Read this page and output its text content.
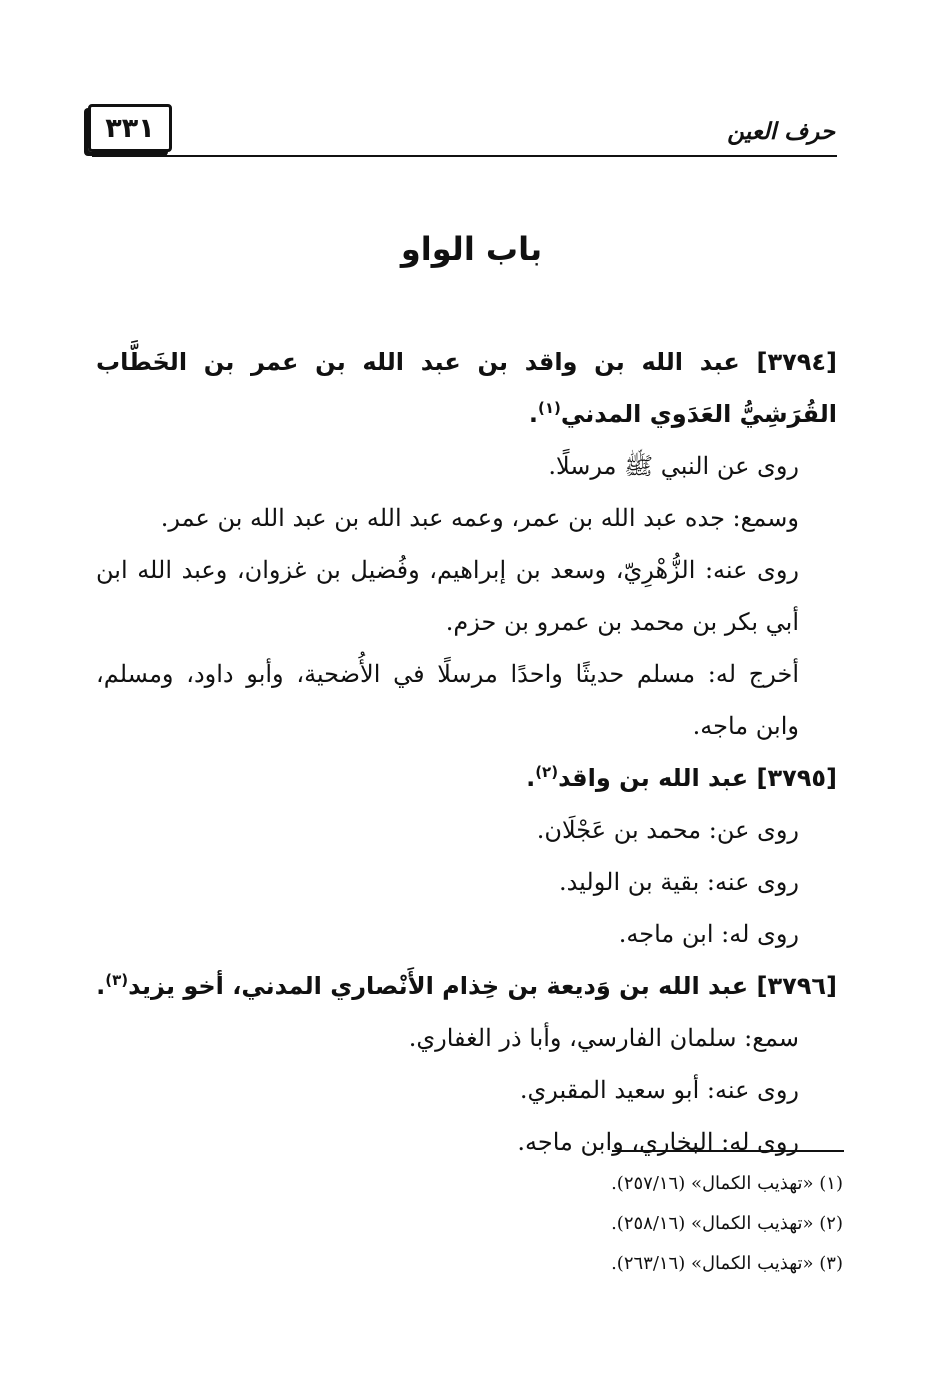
٣٣١	حرف العين
باب الواو
[٣٧٩٤] عبد الله بن واقد بن عبد الله بن عمر بن الخَطَّاب القُرَشِيُّ العَدَوي المدني$^{(١)}$.
روى عن النبي ﷺ مرسلًا.
وسمع: جده عبد الله بن عمر، وعمه عبد الله بن عبد الله بن عمر.
روى عنه: الزُّهْرِيّ، وسعد بن إبراهيم، وفُضيل بن غزوان، وعبد الله ابن أبي بكر بن محمد بن عمرو بن حزم.
أخرج له: مسلم حديثًا واحدًا مرسلًا في الأُضحية، وأبو داود، ومسلم، وابن ماجه.
[٣٧٩٥] عبد الله بن واقد$^{(٢)}$.
روى عن: محمد بن عَجْلَان.
روى عنه: بقية بن الوليد.
روى له: ابن ماجه.
[٣٧٩٦] عبد الله بن وَديعة بن خِذام الأَنْصاري المدني، أخو يزيد$^{(٣)}$.
سمع: سلمان الفارسي، وأبا ذر الغفاري.
روى عنه: أبو سعيد المقبري.
روى له: البخاري، وابن ماجه.
(١) «تهذيب الكمال» (٢٥٧/١٦).
(٢) «تهذيب الكمال» (٢٥٨/١٦).
(٣) «تهذيب الكمال» (٢٦٣/١٦).
